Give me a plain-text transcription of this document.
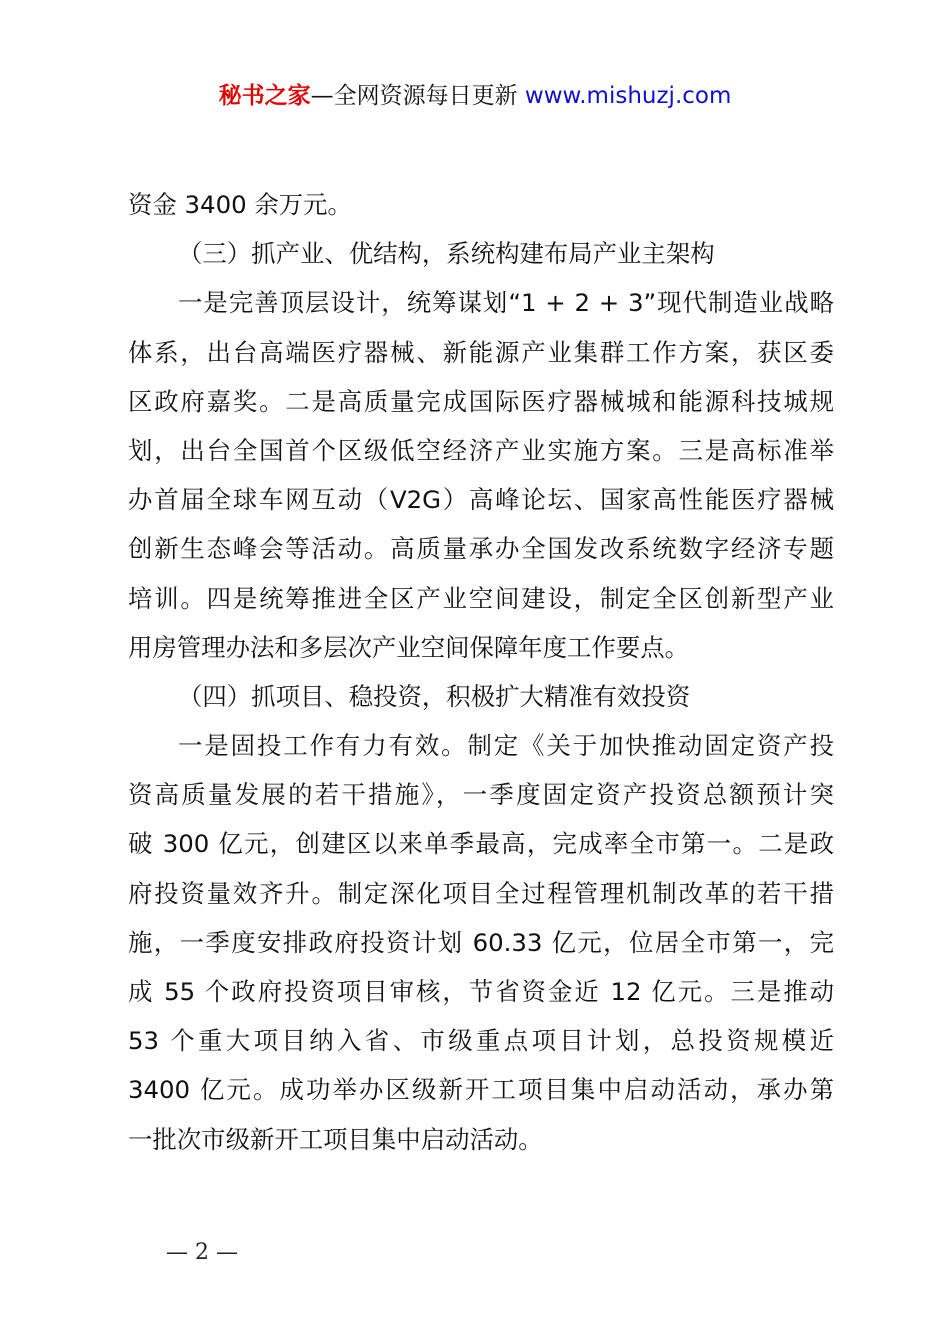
秘书之家—全网资源每日更新 www.mishuzj.com
资金 3400 余万元。
（三）抓产业、优结构，系统构建布局产业主架构
一是完善顶层设计，统筹谋划“1 + 2 + 3”现代制造业战略
体系，出台高端医疗器械、新能源产业集群工作方案，获区委
区政府嘉奖。二是高质量完成国际医疗器械城和能源科技城规
划，出台全国首个区级低空经济产业实施方案。三是高标准举
办首届全球车网互动（V2G）高峰论坛、国家高性能医疗器械
创新生态峰会等活动。高质量承办全国发改系统数字经济专题
培训。四是统筹推进全区产业空间建设，制定全区创新型产业
用房管理办法和多层次产业空间保障年度工作要点。
（四）抓项目、稳投资，积极扩大精准有效投资
一是固投工作有力有效。制定《关于加快推动固定资产投
资高质量发展的若干措施》，一季度固定资产投资总额预计突
破 300 亿元，创建区以来单季最高，完成率全市第一。二是政
府投资量效齐升。制定深化项目全过程管理机制改革的若干措
施，一季度安排政府投资计划 60.33 亿元，位居全市第一，完
成 55 个政府投资项目审核，节省资金近 12 亿元。三是推动
53 个重大项目纳入省、市级重点项目计划，总投资规模近
3400 亿元。成功举办区级新开工项目集中启动活动，承办第
一批次市级新开工项目集中启动活动。
— 2 —
